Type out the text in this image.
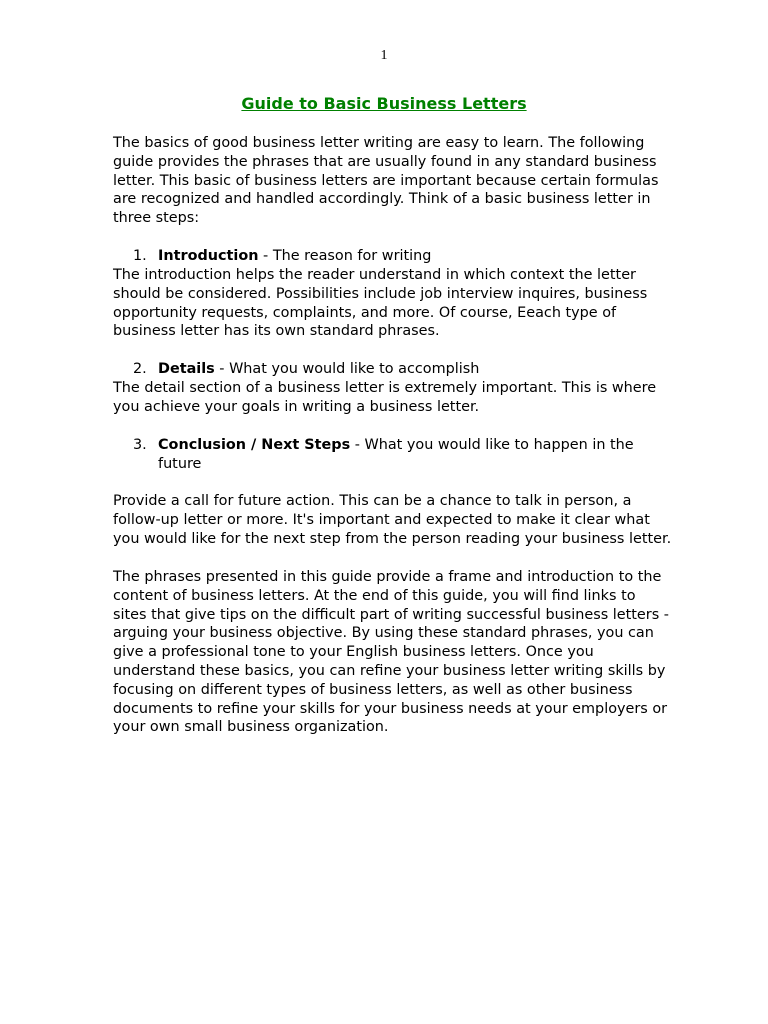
1
Guide to Basic Business Letters
The basics of good business letter writing are easy to learn. The following guide provides the phrases that are usually found in any standard business letter. This basic of business letters are important because certain formulas are recognized and handled accordingly. Think of a basic business letter in three steps:
1. Introduction - The reason for writing
The introduction helps the reader understand in which context the letter should be considered. Possibilities include job interview inquires, business opportunity requests, complaints, and more. Of course, Eeach type of business letter has its own standard phrases.
2. Details - What you would like to accomplish
The detail section of a business letter is extremely important. This is where you achieve your goals in writing a business letter.
3. Conclusion / Next Steps - What you would like to happen in the future
Provide a call for future action. This can be a chance to talk in person, a follow-up letter or more. It's important and expected to make it clear what you would like for the next step from the person reading your business letter.
The phrases presented in this guide provide a frame and introduction to the content of business letters. At the end of this guide, you will find links to sites that give tips on the difficult part of writing successful business letters - arguing your business objective. By using these standard phrases, you can give a professional tone to your English business letters. Once you understand these basics, you can refine your business letter writing skills by focusing on different types of business letters, as well as other business documents to refine your skills for your business needs at your employers or your own small business organization.
